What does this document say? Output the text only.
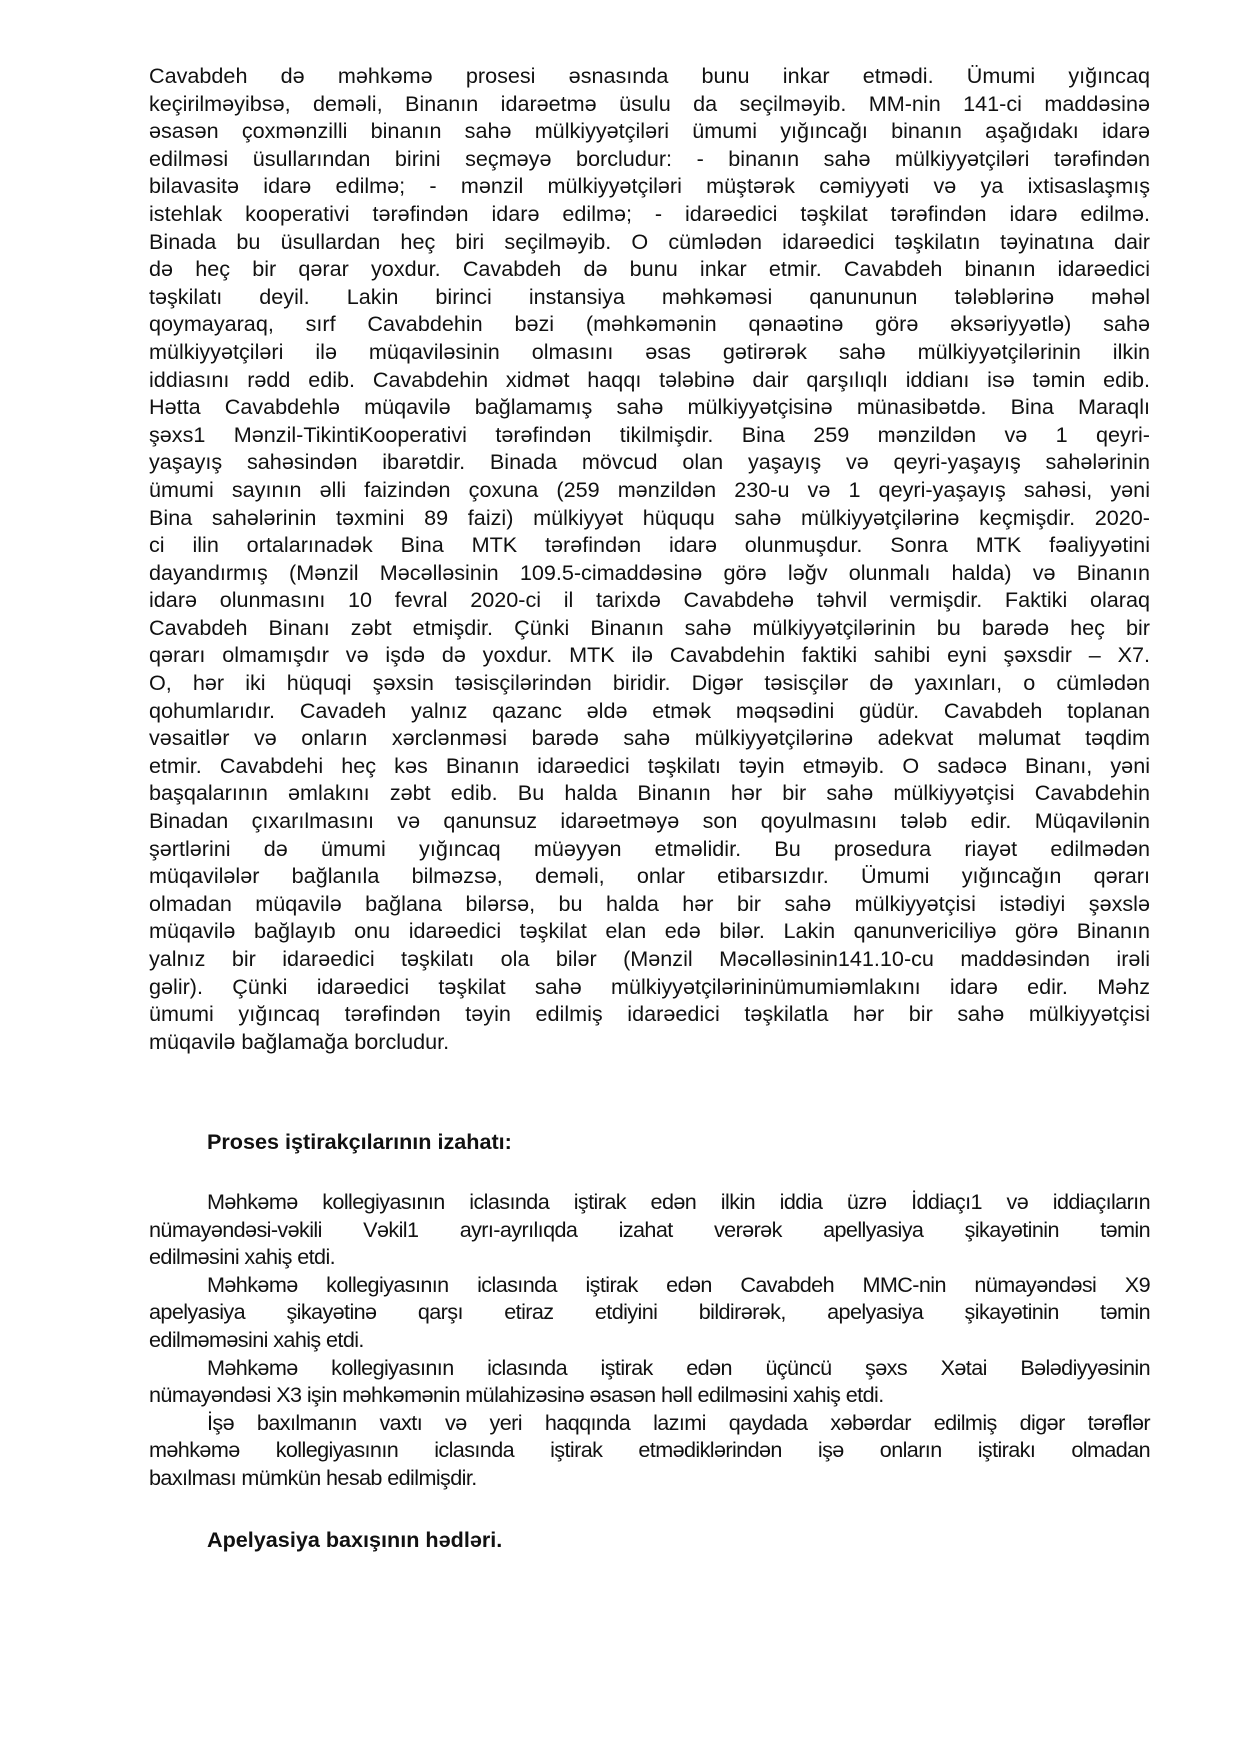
Cavabdeh də məhkəmə prosesi əsnasında bunu inkar etmədi. Ümumi yığıncaq
keçirilməyibsə, deməli, Binanın idarəetmə üsulu da seçilməyib. MM-nin 141-ci maddəsinə
əsasən çoxmənzilli binanın sahə mülkiyyətçiləri ümumi yığıncağı binanın aşağıdakı idarə
edilməsi üsullarından birini seçməyə borcludur: - binanın sahə mülkiyyətçiləri tərəfindən
bilavasitə idarə edilmə; - mənzil mülkiyyətçiləri müştərək cəmiyyəti və ya ixtisaslaşmış
istehlak kooperativi tərəfindən idarə edilmə; - idarəedici təşkilat tərəfindən idarə edilmə.
Binada bu üsullardan heç biri seçilməyib. O cümlədən idarəedici təşkilatın təyinatına dair
də heç bir qərar yoxdur. Cavabdeh də bunu inkar etmir. Cavabdeh binanın idarəedici
təşkilatı deyil. Lakin birinci instansiya məhkəməsi qanununun tələblərinə məhəl
qoymayaraq, sırf Cavabdehin bəzi (məhkəmənin qənaətinə görə əksəriyyətlə) sahə
mülkiyyətçiləri ilə müqaviləsinin olmasını əsas gətirərək sahə mülkiyyətçilərinin ilkin
iddiasını rədd edib. Cavabdehin xidmət haqqı tələbinə dair qarşılıqlı iddianı isə təmin edib.
Hətta Cavabdehlə müqavilə bağlamamış sahə mülkiyyətçisinə münasibətdə. Bina Maraqlı
şəxs1 Mənzil-TikintiKooperativi tərəfindən tikilmişdir. Bina 259 mənzildən və 1 qeyri-
yaşayış sahəsindən ibarətdir. Binada mövcud olan yaşayış və qeyri-yaşayış sahələrinin
ümumi sayının əlli faizindən çoxuna (259 mənzildən 230-u və 1 qeyri-yaşayış sahəsi, yəni
Bina sahələrinin təxmini 89 faizi) mülkiyyət hüququ sahə mülkiyyətçilərinə keçmişdir. 2020-
ci ilin ortalarınadək Bina MTK tərəfindən idarə olunmuşdur. Sonra MTK fəaliyyətini
dayandırmış (Mənzil Məcəlləsinin 109.5-cimaddəsinə görə ləğv olunmalı halda) və Binanın
idarə olunmasını 10 fevral 2020-ci il tarixdə Cavabdehə təhvil vermişdir. Faktiki olaraq
Cavabdeh Binanı zəbt etmişdir. Çünki Binanın sahə mülkiyyətçilərinin bu barədə heç bir
qərarı olmamışdır və işdə də yoxdur. MTK ilə Cavabdehin faktiki sahibi eyni şəxsdir – X7.
O, hər iki hüquqi şəxsin təsisçilərindən biridir. Digər təsisçilər də yaxınları, o cümlədən
qohumlarıdır. Cavadeh yalnız qazanc əldə etmək məqsədini güdür. Cavabdeh toplanan
vəsaitlər və onların xərclənməsi barədə sahə mülkiyyətçilərinə adekvat məlumat təqdim
etmir. Cavabdehi heç kəs Binanın idarəedici təşkilatı təyin etməyib. O sadəcə Binanı, yəni
başqalarının əmlakını zəbt edib. Bu halda Binanın hər bir sahə mülkiyyətçisi Cavabdehin
Binadan çıxarılmasını və qanunsuz idarəetməyə son qoyulmasını tələb edir. Müqavilənin
şərtlərini də ümumi yığıncaq müəyyən etməlidir. Bu prosedura riayət edilmədən
müqavilələr bağlanıla bilməzsə, deməli, onlar etibarsızdır. Ümumi yığıncağın qərarı
olmadan müqavilə bağlana bilərsə, bu halda hər bir sahə mülkiyyətçisi istədiyi şəxslə
müqavilə bağlayıb onu idarəedici təşkilat elan edə bilər. Lakin qanunvericiliyə görə Binanın
yalnız bir idarəedici təşkilatı ola bilər (Mənzil Məcəlləsinin141.10-cu maddəsindən irəli
gəlir). Çünki idarəedici təşkilat sahə mülkiyyətçilərininümumiəmlakını idarə edir. Məhz
ümumi yığıncaq tərəfindən təyin edilmiş idarəedici təşkilatla hər bir sahə mülkiyyətçisi
müqavilə bağlamağa borcludur.
Proses iştirakçılarının izahatı:
Məhkəmə kollegiyasının iclasında iştirak edən ilkin iddia üzrə İddiaçı1 və iddiaçıların
nümayəndəsi-vəkili Vəkil1 ayrı-ayrılıqda izahat verərək apellyasiya şikayətinin təmin
edilməsini xahiş etdi.
Məhkəmə kollegiyasının iclasında iştirak edən Cavabdeh MMC-nin nümayəndəsi X9
apelyasiya şikayətinə qarşı etiraz etdiyini bildirərək, apelyasiya şikayətinin təmin
edilməməsini xahiş etdi.
Məhkəmə kollegiyasının iclasında iştirak edən üçüncü şəxs Xətai Bələdiyyəsinin
nümayəndəsi X3 işin məhkəmənin mülahizəsinə əsasən həll edilməsini xahiş etdi.
İşə baxılmanın vaxtı və yeri haqqında lazımi qaydada xəbərdar edilmiş digər tərəflər
məhkəmə kollegiyasının iclasında iştirak etmədiklərindən işə onların iştirakı olmadan
baxılması mümkün hesab edilmişdir.
Apelyasiya baxışının hədləri.
